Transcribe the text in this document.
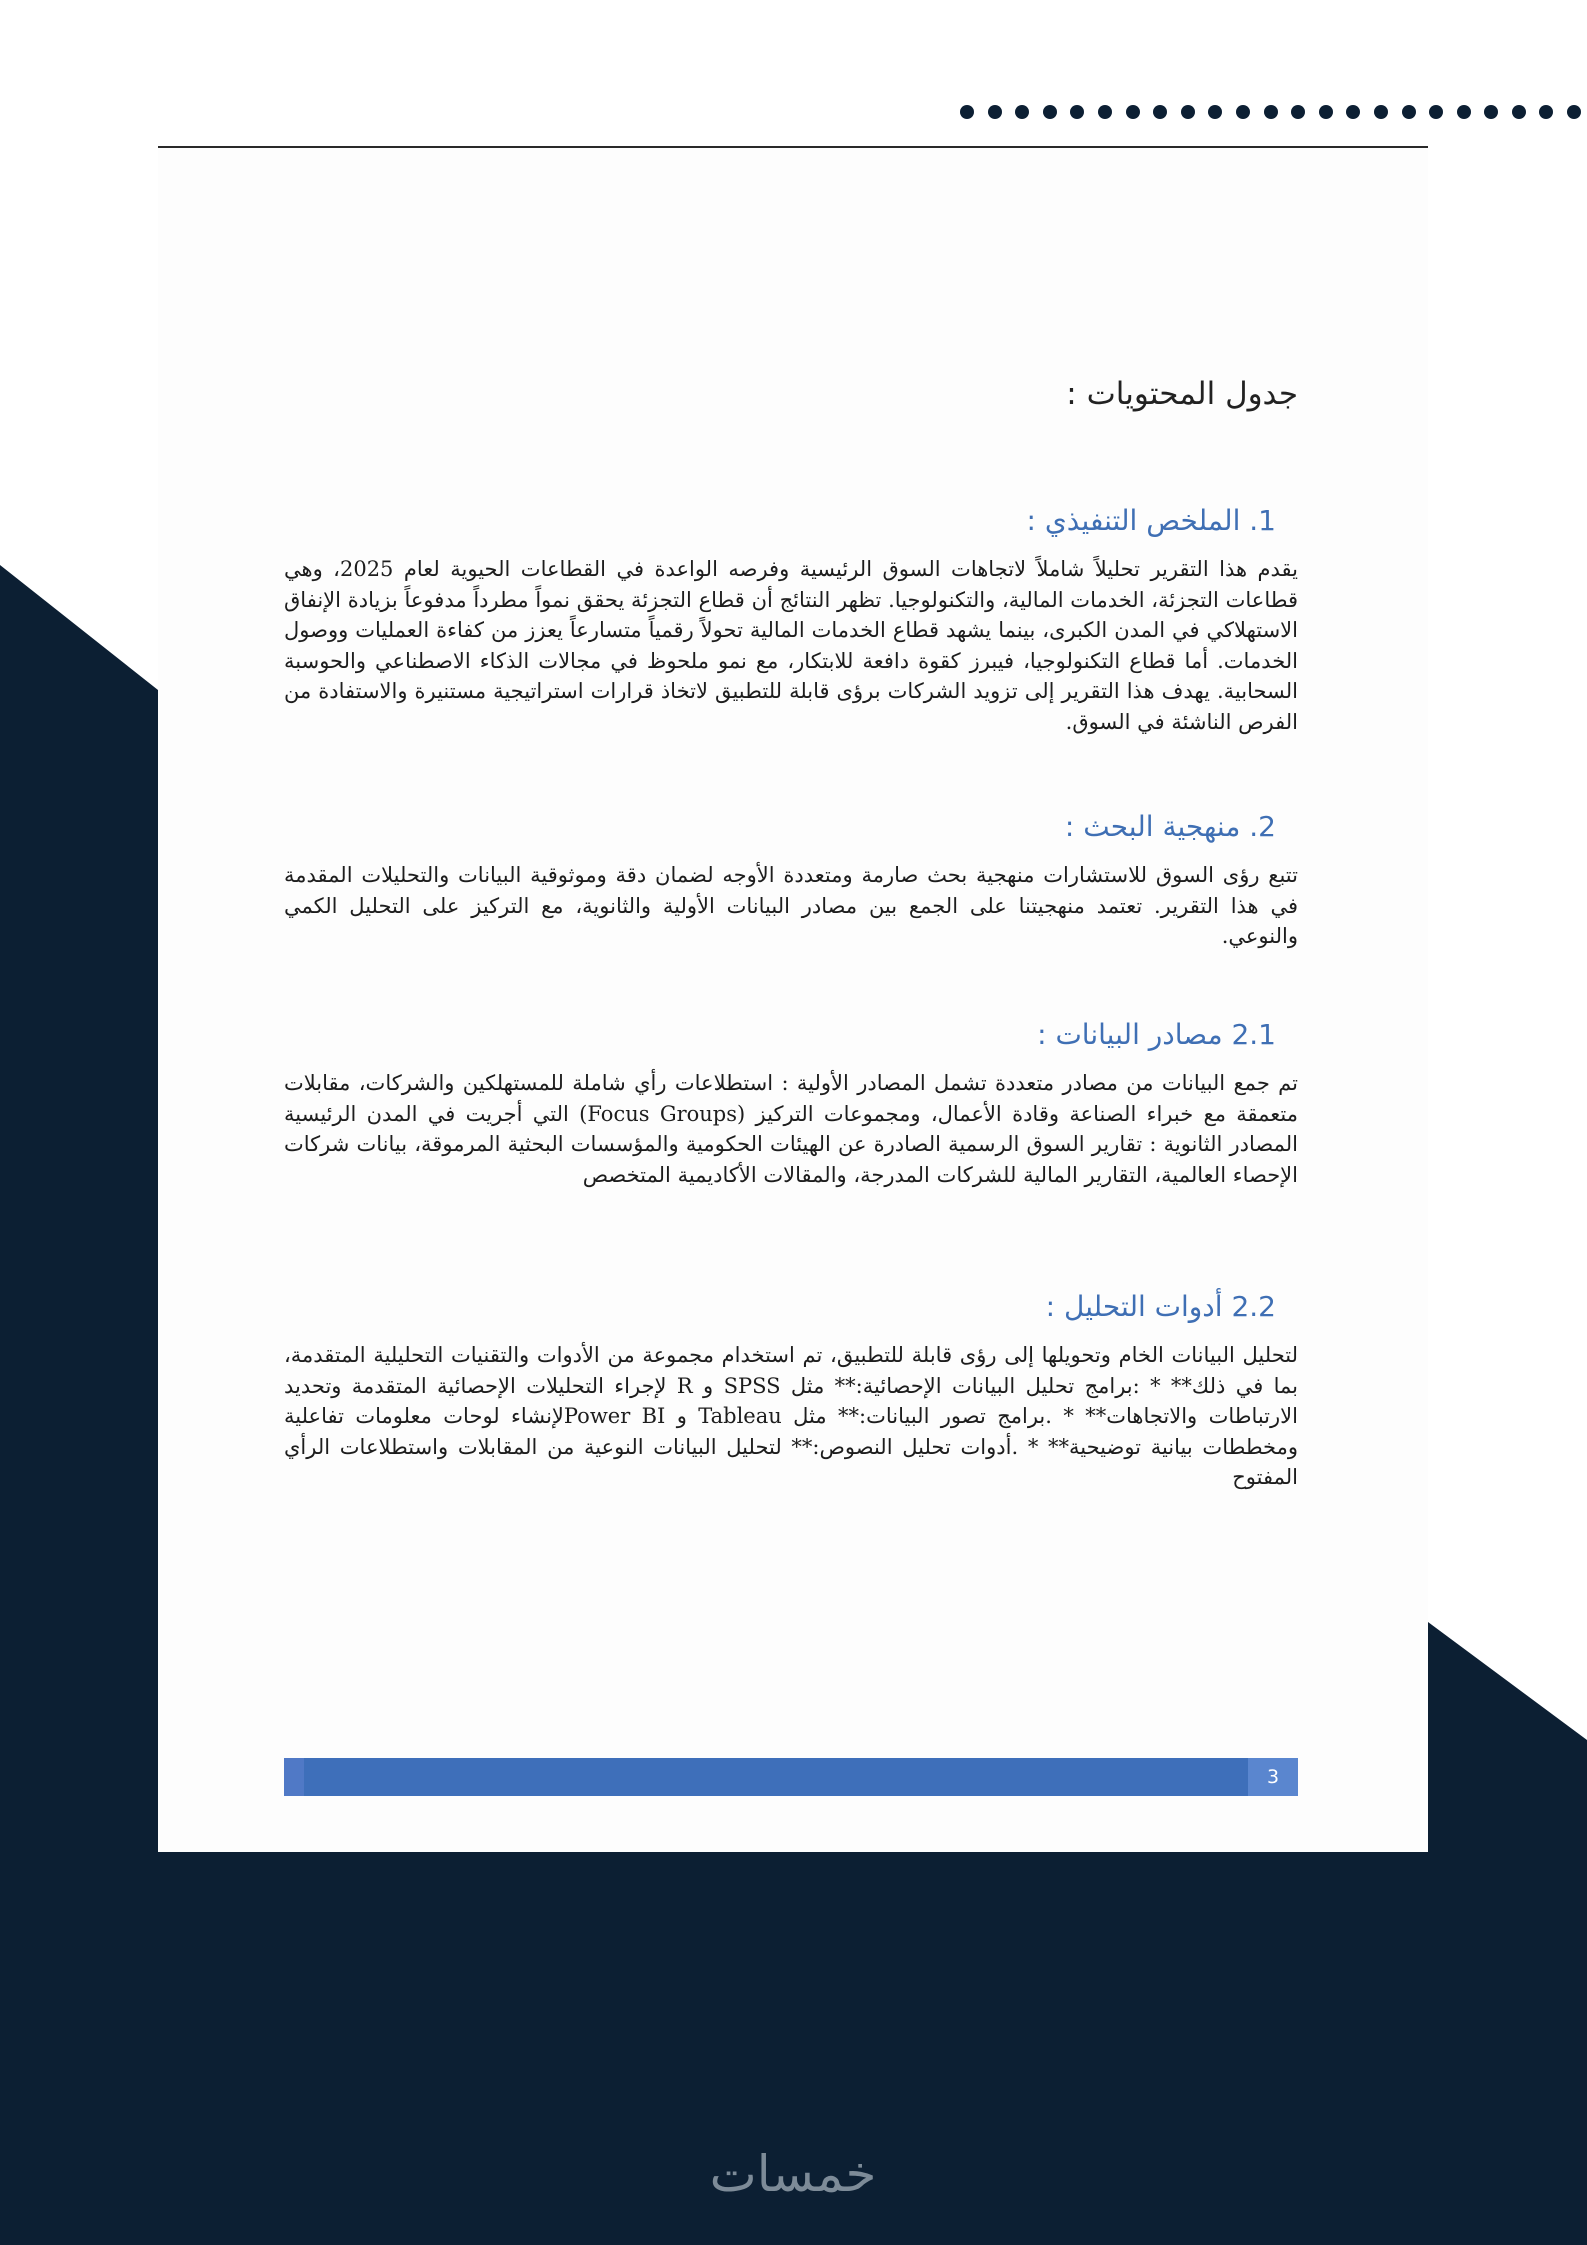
جدول المحتويات :
1. الملخص التنفيذي :

يقدم هذا التقرير تحليلاً شاملاً لاتجاهات السوق الرئيسية وفرصه الواعدة في القطاعات الحيوية لعام 2025، وهي قطاعات التجزئة، الخدمات المالية، والتكنولوجيا. تظهر النتائج أن قطاع التجزئة يحقق نمواً مطرداً مدفوعاً بزيادة الإنفاق الاستهلاكي في المدن الكبرى، بينما يشهد قطاع الخدمات المالية تحولاً رقمياً متسارعاً يعزز من كفاءة العمليات ووصول الخدمات. أما قطاع التكنولوجيا، فيبرز كقوة دافعة للابتكار، مع نمو ملحوظ في مجالات الذكاء الاصطناعي والحوسبة السحابية. يهدف هذا التقرير إلى تزويد الشركات برؤى قابلة للتطبيق لاتخاذ قرارات استراتيجية مستنيرة والاستفادة من الفرص الناشئة في السوق.

2. منهجية البحث :

تتبع رؤى السوق للاستشارات منهجية بحث صارمة ومتعددة الأوجه لضمان دقة وموثوقية البيانات والتحليلات المقدمة في هذا التقرير. تعتمد منهجيتنا على الجمع بين مصادر البيانات الأولية والثانوية، مع التركيز على التحليل الكمي والنوعي.

2.1 مصادر البيانات :

تم جمع البيانات من مصادر متعددة تشمل المصادر الأولية : استطلاعات رأي شاملة للمستهلكين والشركات، مقابلات متعمقة مع خبراء الصناعة وقادة الأعمال، ومجموعات التركيز (Focus Groups) التي أجريت في المدن الرئيسية المصادر الثانوية : تقارير السوق الرسمية الصادرة عن الهيئات الحكومية والمؤسسات البحثية المرموقة، بيانات شركات الإحصاء العالمية، التقارير المالية للشركات المدرجة، والمقالات الأكاديمية المتخصص

2.2 أدوات التحليل :

لتحليل البيانات الخام وتحويلها إلى رؤى قابلة للتطبيق، تم استخدام مجموعة من الأدوات والتقنيات التحليلية المتقدمة، بما في ذلك** * :برامج تحليل البيانات الإحصائية:** مثل SPSS و R لإجراء التحليلات الإحصائية المتقدمة وتحديد الارتباطات والاتجاهات** * .برامج تصور البيانات:** مثل Tableau و Power BIلإنشاء لوحات معلومات تفاعلية ومخططات بيانية توضيحية** * .أدوات تحليل النصوص:** لتحليل البيانات النوعية من المقابلات واستطلاعات الرأي المفتوح

3
خمسات
